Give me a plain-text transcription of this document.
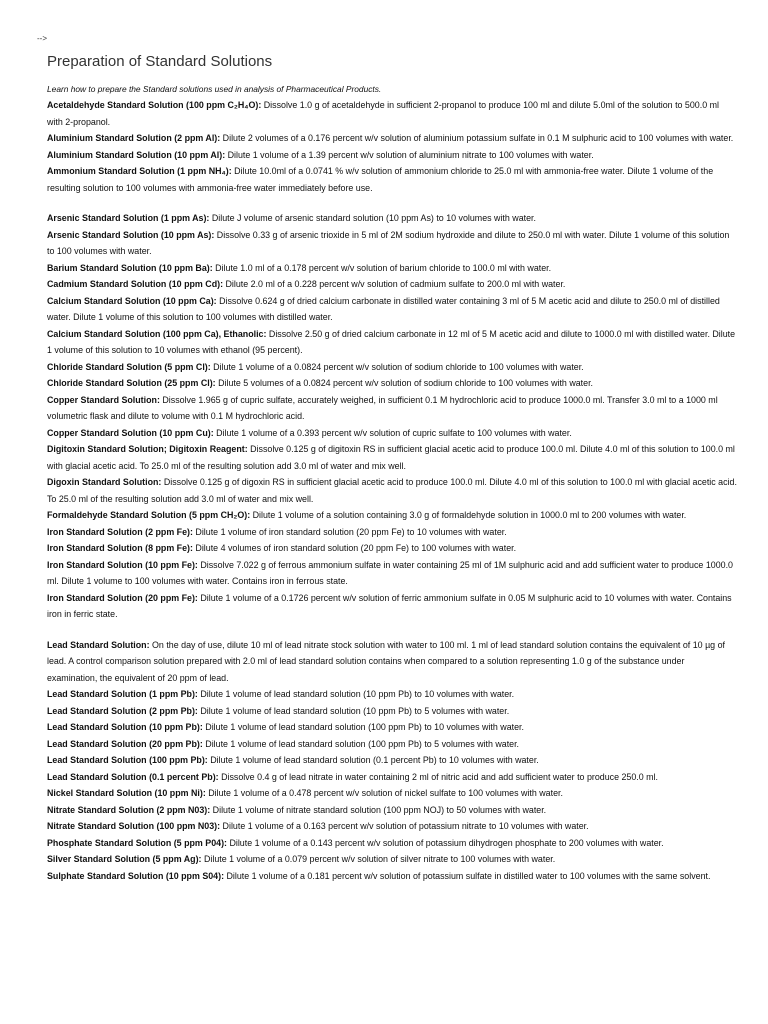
-->
Preparation of Standard Solutions

Learn how to prepare the Standard solutions used in analysis of Pharmaceutical Products.

Acetaldehyde Standard Solution (100 ppm C₂H₄O): Dissolve 1.0 g of acetaldehyde in sufficient 2-propanol to produce 100 ml and dilute 5.0ml of the solution to 500.0 ml with 2-propanol.

Aluminium Standard Solution (2 ppm Al): Dilute 2 volumes of a 0.176 percent w/v solution of aluminium potassium sulfate in 0.1 M sulphuric acid to 100 volumes with water.

Aluminium Standard Solution (10 ppm Al): Dilute 1 volume of a 1.39 percent w/v solution of aluminium nitrate to 100 volumes with water.

Ammonium Standard Solution (1 ppm NH₄): Dilute 10.0ml of a 0.0741 % w/v solution of ammonium chloride to 25.0 ml with ammonia-free water. Dilute 1 volume of the resulting solution to 100 volumes with ammonia-free water immediately before use.

Arsenic Standard Solution (1 ppm As): Dilute J volume of arsenic standard solution (10 ppm As) to 10 volumes with water.

Arsenic Standard Solution (10 ppm As): Dissolve 0.33 g of arsenic trioxide in 5 ml of 2M sodium hydroxide and dilute to 250.0 ml with water. Dilute 1 volume of this solution to 100 volumes with water.

Barium Standard Solution (10 ppm Ba): Dilute 1.0 ml of a 0.178 percent w/v solution of barium chloride to 100.0 ml with water.

Cadmium Standard Solution (10 ppm Cd): Dilute 2.0 ml of a 0.228 percent w/v solution of cadmium sulfate to 200.0 ml with water.

Calcium Standard Solution (10 ppm Ca): Dissolve 0.624 g of dried calcium carbonate in distilled water containing 3 ml of 5 M acetic acid and dilute to 250.0 ml of distilled water. Dilute 1 volume of this solution to 100 volumes with distilled water.

Calcium Standard Solution (100 ppm Ca), Ethanolic: Dissolve 2.50 g of dried calcium carbonate in 12 ml of 5 M acetic acid and dilute to 1000.0 ml with distilled water. Dilute 1 volume of this solution to 10 volumes with ethanol (95 percent).

Chloride Standard Solution (5 ppm Cl): Dilute 1 volume of a 0.0824 percent w/v solution of sodium chloride to 100 volumes with water.

Chloride Standard Solution (25 ppm Cl): Dilute 5 volumes of a 0.0824 percent w/v solution of sodium chloride to 100 volumes with water.

Copper Standard Solution: Dissolve 1.965 g of cupric sulfate, accurately weighed, in sufficient 0.1 M hydrochloric acid to produce 1000.0 ml. Transfer 3.0 ml to a 1000 ml volumetric flask and dilute to volume with 0.1 M hydrochloric acid.

Copper Standard Solution (10 ppm Cu): Dilute 1 volume of a 0.393 percent w/v solution of cupric sulfate to 100 volumes with water.

Digitoxin Standard Solution; Digitoxin Reagent: Dissolve 0.125 g of digitoxin RS in sufficient glacial acetic acid to produce 100.0 ml. Dilute 4.0 ml of this solution to 100.0 ml with glacial acetic acid. To 25.0 ml of the resulting solution add 3.0 ml of water and mix well.

Digoxin Standard Solution: Dissolve 0.125 g of digoxin RS in sufficient glacial acetic acid to produce 100.0 ml. Dilute 4.0 ml of this solution to 100.0 ml with glacial acetic acid. To 25.0 ml of the resulting solution add 3.0 ml of water and mix well.

Formaldehyde Standard Solution (5 ppm CH₂O): Dilute 1 volume of a solution containing 3.0 g of formaldehyde solution in 1000.0 ml to 200 volumes with water.

Iron Standard Solution (2 ppm Fe): Dilute 1 volume of iron standard solution (20 ppm Fe) to 10 volumes with water.

Iron Standard Solution (8 ppm Fe): Dilute 4 volumes of iron standard solution (20 ppm Fe) to 100 volumes with water.

Iron Standard Solution (10 ppm Fe): Dissolve 7.022 g of ferrous ammonium sulfate in water containing 25 ml of 1M sulphuric acid and add sufficient water to produce 1000.0 ml. Dilute 1 volume to 100 volumes with water. Contains iron in ferrous state.

Iron Standard Solution (20 ppm Fe): Dilute 1 volume of a 0.1726 percent w/v solution of ferric ammonium sulfate in 0.05 M sulphuric acid to 10 volumes with water. Contains iron in ferric state.

Lead Standard Solution: On the day of use, dilute 10 ml of lead nitrate stock solution with water to 100 ml. 1 ml of lead standard solution contains the equivalent of 10 µg of lead. A control comparison solution prepared with 2.0 ml of lead standard solution contains when compared to a solution representing 1.0 g of the substance under examination, the equivalent of 20 ppm of lead.

Lead Standard Solution (1 ppm Pb): Dilute 1 volume of lead standard solution (10 ppm Pb) to 10 volumes with water.

Lead Standard Solution (2 ppm Pb): Dilute 1 volume of lead standard solution (10 ppm Pb) to 5 volumes with water.

Lead Standard Solution (10 ppm Pb): Dilute 1 volume of lead standard solution (100 ppm Pb) to 10 volumes with water.

Lead Standard Solution (20 ppm Pb): Dilute 1 volume of lead standard solution (100 ppm Pb) to 5 volumes with water.

Lead Standard Solution (100 ppm Pb): Dilute 1 volume of lead standard solution (0.1 percent Pb) to 10 volumes with water.

Lead Standard Solution (0.1 percent Pb): Dissolve 0.4 g of lead nitrate in water containing 2 ml of nitric acid and add sufficient water to produce 250.0 ml.

Nickel Standard Solution (10 ppm Ni): Dilute 1 volume of a 0.478 percent w/v solution of nickel sulfate to 100 volumes with water.

Nitrate Standard Solution (2 ppm N03): Dilute 1 volume of nitrate standard solution (100 ppm NOJ) to 50 volumes with water.

Nitrate Standard Solution (100 ppm N03): Dilute 1 volume of a 0.163 percent w/v solution of potassium nitrate to 10 volumes with water.

Phosphate Standard Solution (5 ppm P04): Dilute 1 volume of a 0.143 percent w/v solution of potassium dihydrogen phosphate to 200 volumes with water.

Silver Standard Solution (5 ppm Ag): Dilute 1 volume of a 0.079 percent w/v solution of silver nitrate to 100 volumes with water.

Sulphate Standard Solution (10 ppm S04): Dilute 1 volume of a 0.181 percent w/v solution of potassium sulfate in distilled water to 100 volumes with the same solvent.
